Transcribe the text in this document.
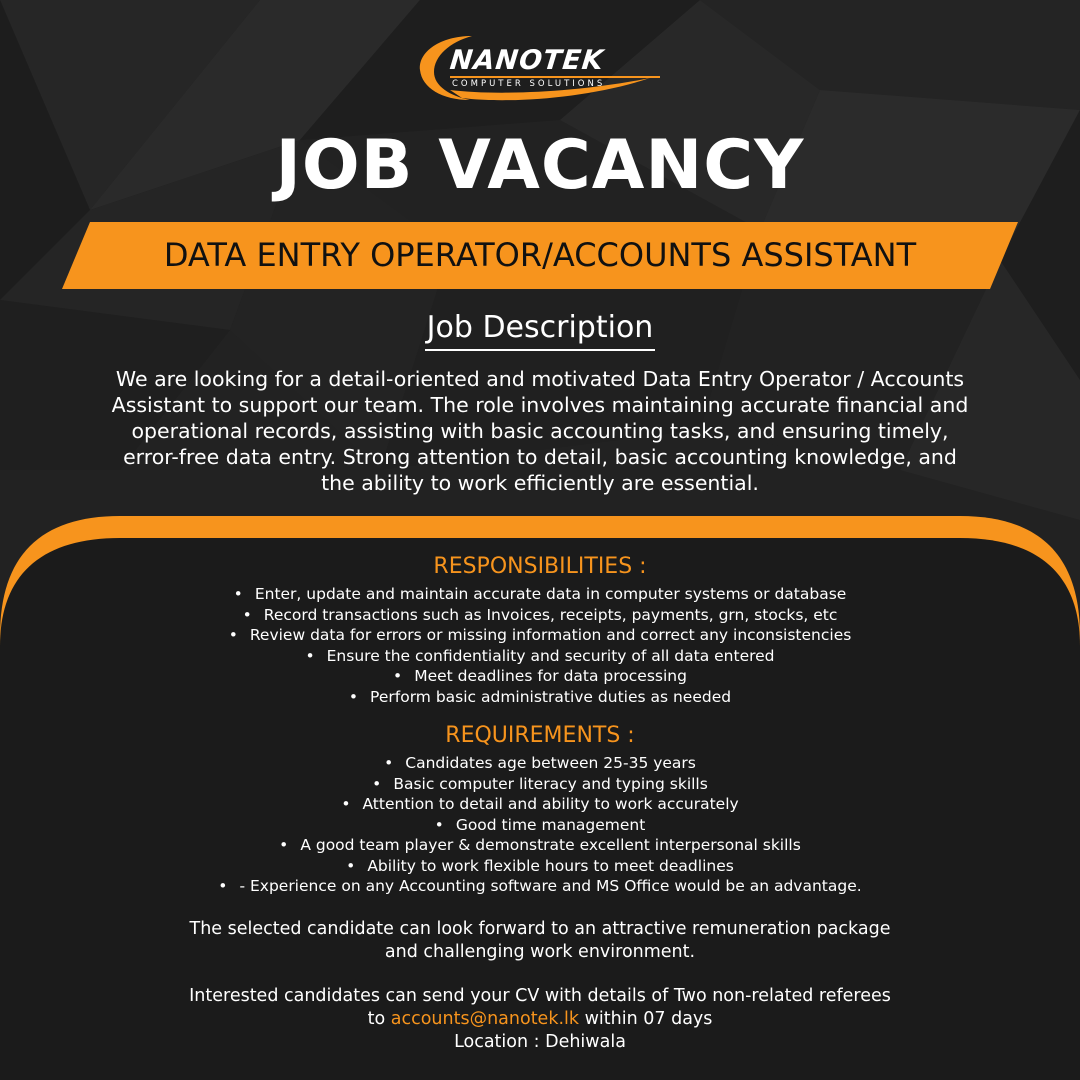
NANOTEK
COMPUTER SOLUTIONS
JOB VACANCY
DATA ENTRY OPERATOR/ACCOUNTS ASSISTANT
Job Description
We are looking for a detail-oriented and motivated Data Entry Operator / Accounts
Assistant to support our team. The role involves maintaining accurate financial and
operational records, assisting with basic accounting tasks, and ensuring timely,
error-free data entry. Strong attention to detail, basic accounting knowledge, and
the ability to work efficiently are essential.
RESPONSIBILITIES :
• Enter, update and maintain accurate data in computer systems or database
• Record transactions such as Invoices, receipts, payments, grn, stocks, etc
• Review data for errors or missing information and correct any inconsistencies
• Ensure the confidentiality and security of all data entered
• Meet deadlines for data processing
• Perform basic administrative duties as needed
REQUIREMENTS :
• Candidates age between 25-35 years
• Basic computer literacy and typing skills
• Attention to detail and ability to work accurately
• Good time management
• A good team player & demonstrate excellent interpersonal skills
• Ability to work flexible hours to meet deadlines
• - Experience on any Accounting software and MS Office would be an advantage.
The selected candidate can look forward to an attractive remuneration package
and challenging work environment.
Interested candidates can send your CV with details of Two non-related referees
to accounts@nanotek.lk within 07 days
Location : Dehiwala
